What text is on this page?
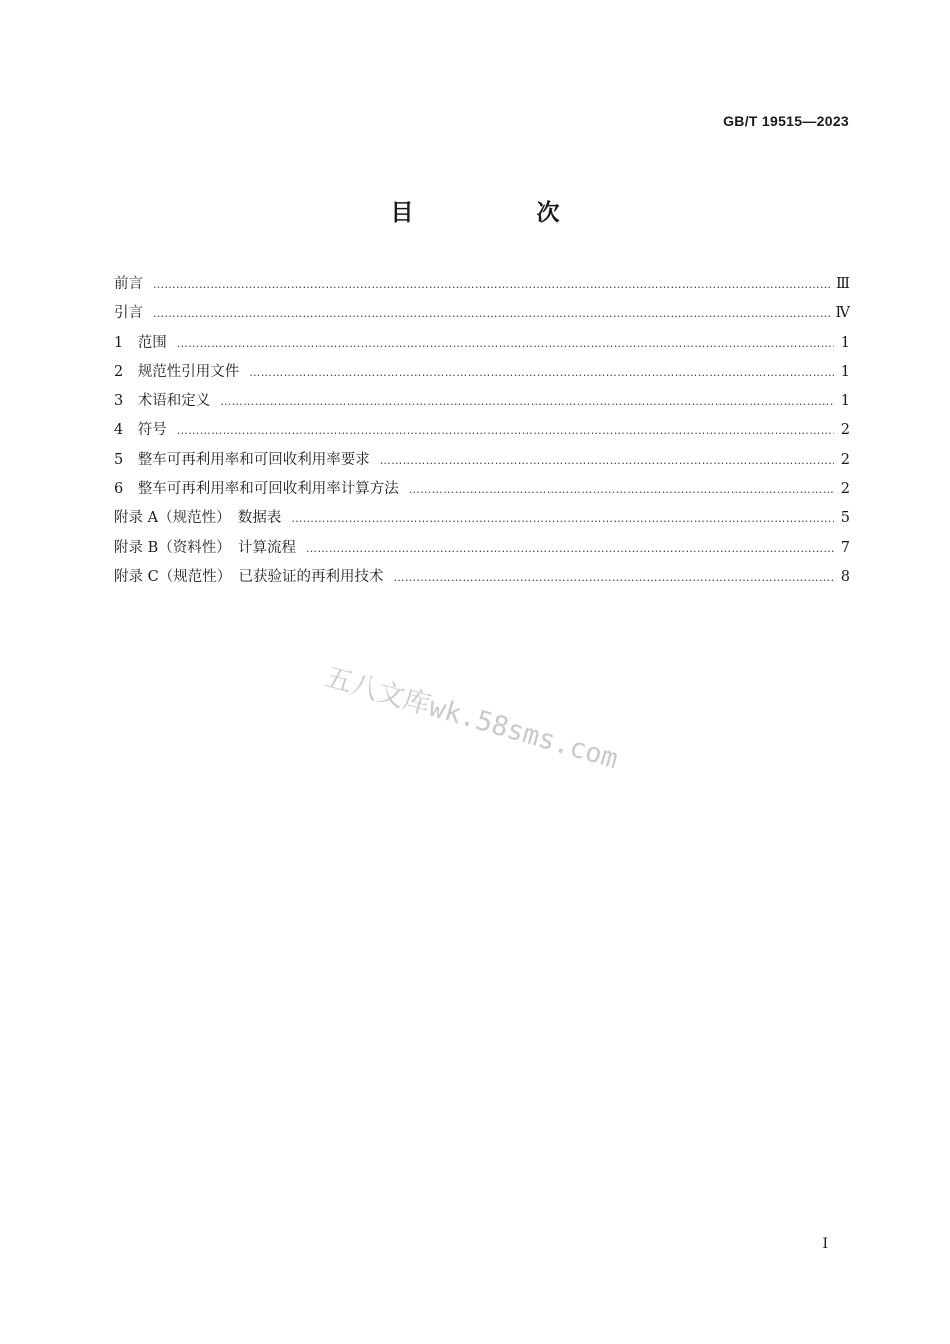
GB/T 19515—2023
目　次
前言 ………………………………………………………………………………………………………………………………………………………………………………………………………………………………………………	Ⅲ
引言 ………………………………………………………………………………………………………………………………………………………………………………………………………………………………………………	Ⅳ
1　范围 ………………………………………………………………………………………………………………………………………………………………………………………………………………………………………………	1
2　规范性引用文件 ………………………………………………………………………………………………………………………………………………………………………………………………………………………………………………	1
3　术语和定义 ………………………………………………………………………………………………………………………………………………………………………………………………………………………………………………	1
4　符号 ………………………………………………………………………………………………………………………………………………………………………………………………………………………………………………	2
5　整车可再利用率和可回收利用率要求 ………………………………………………………………………………………………………………………………………………………………………………………………………………………………………………	2
6　整车可再利用率和可回收利用率计算方法 ………………………………………………………………………………………………………………………………………………………………………………………………………………………………………………	2
附录 A（规范性）　数据表 ………………………………………………………………………………………………………………………………………………………………………………………………………………………………………………	5
附录 B（资料性）　计算流程 ………………………………………………………………………………………………………………………………………………………………………………………………………………………………………………	7
附录 C（规范性）　已获验证的再利用技术 ………………………………………………………………………………………………………………………………………………………………………………………………………………………………………………	8
五八文库wk.58sms.com
I
